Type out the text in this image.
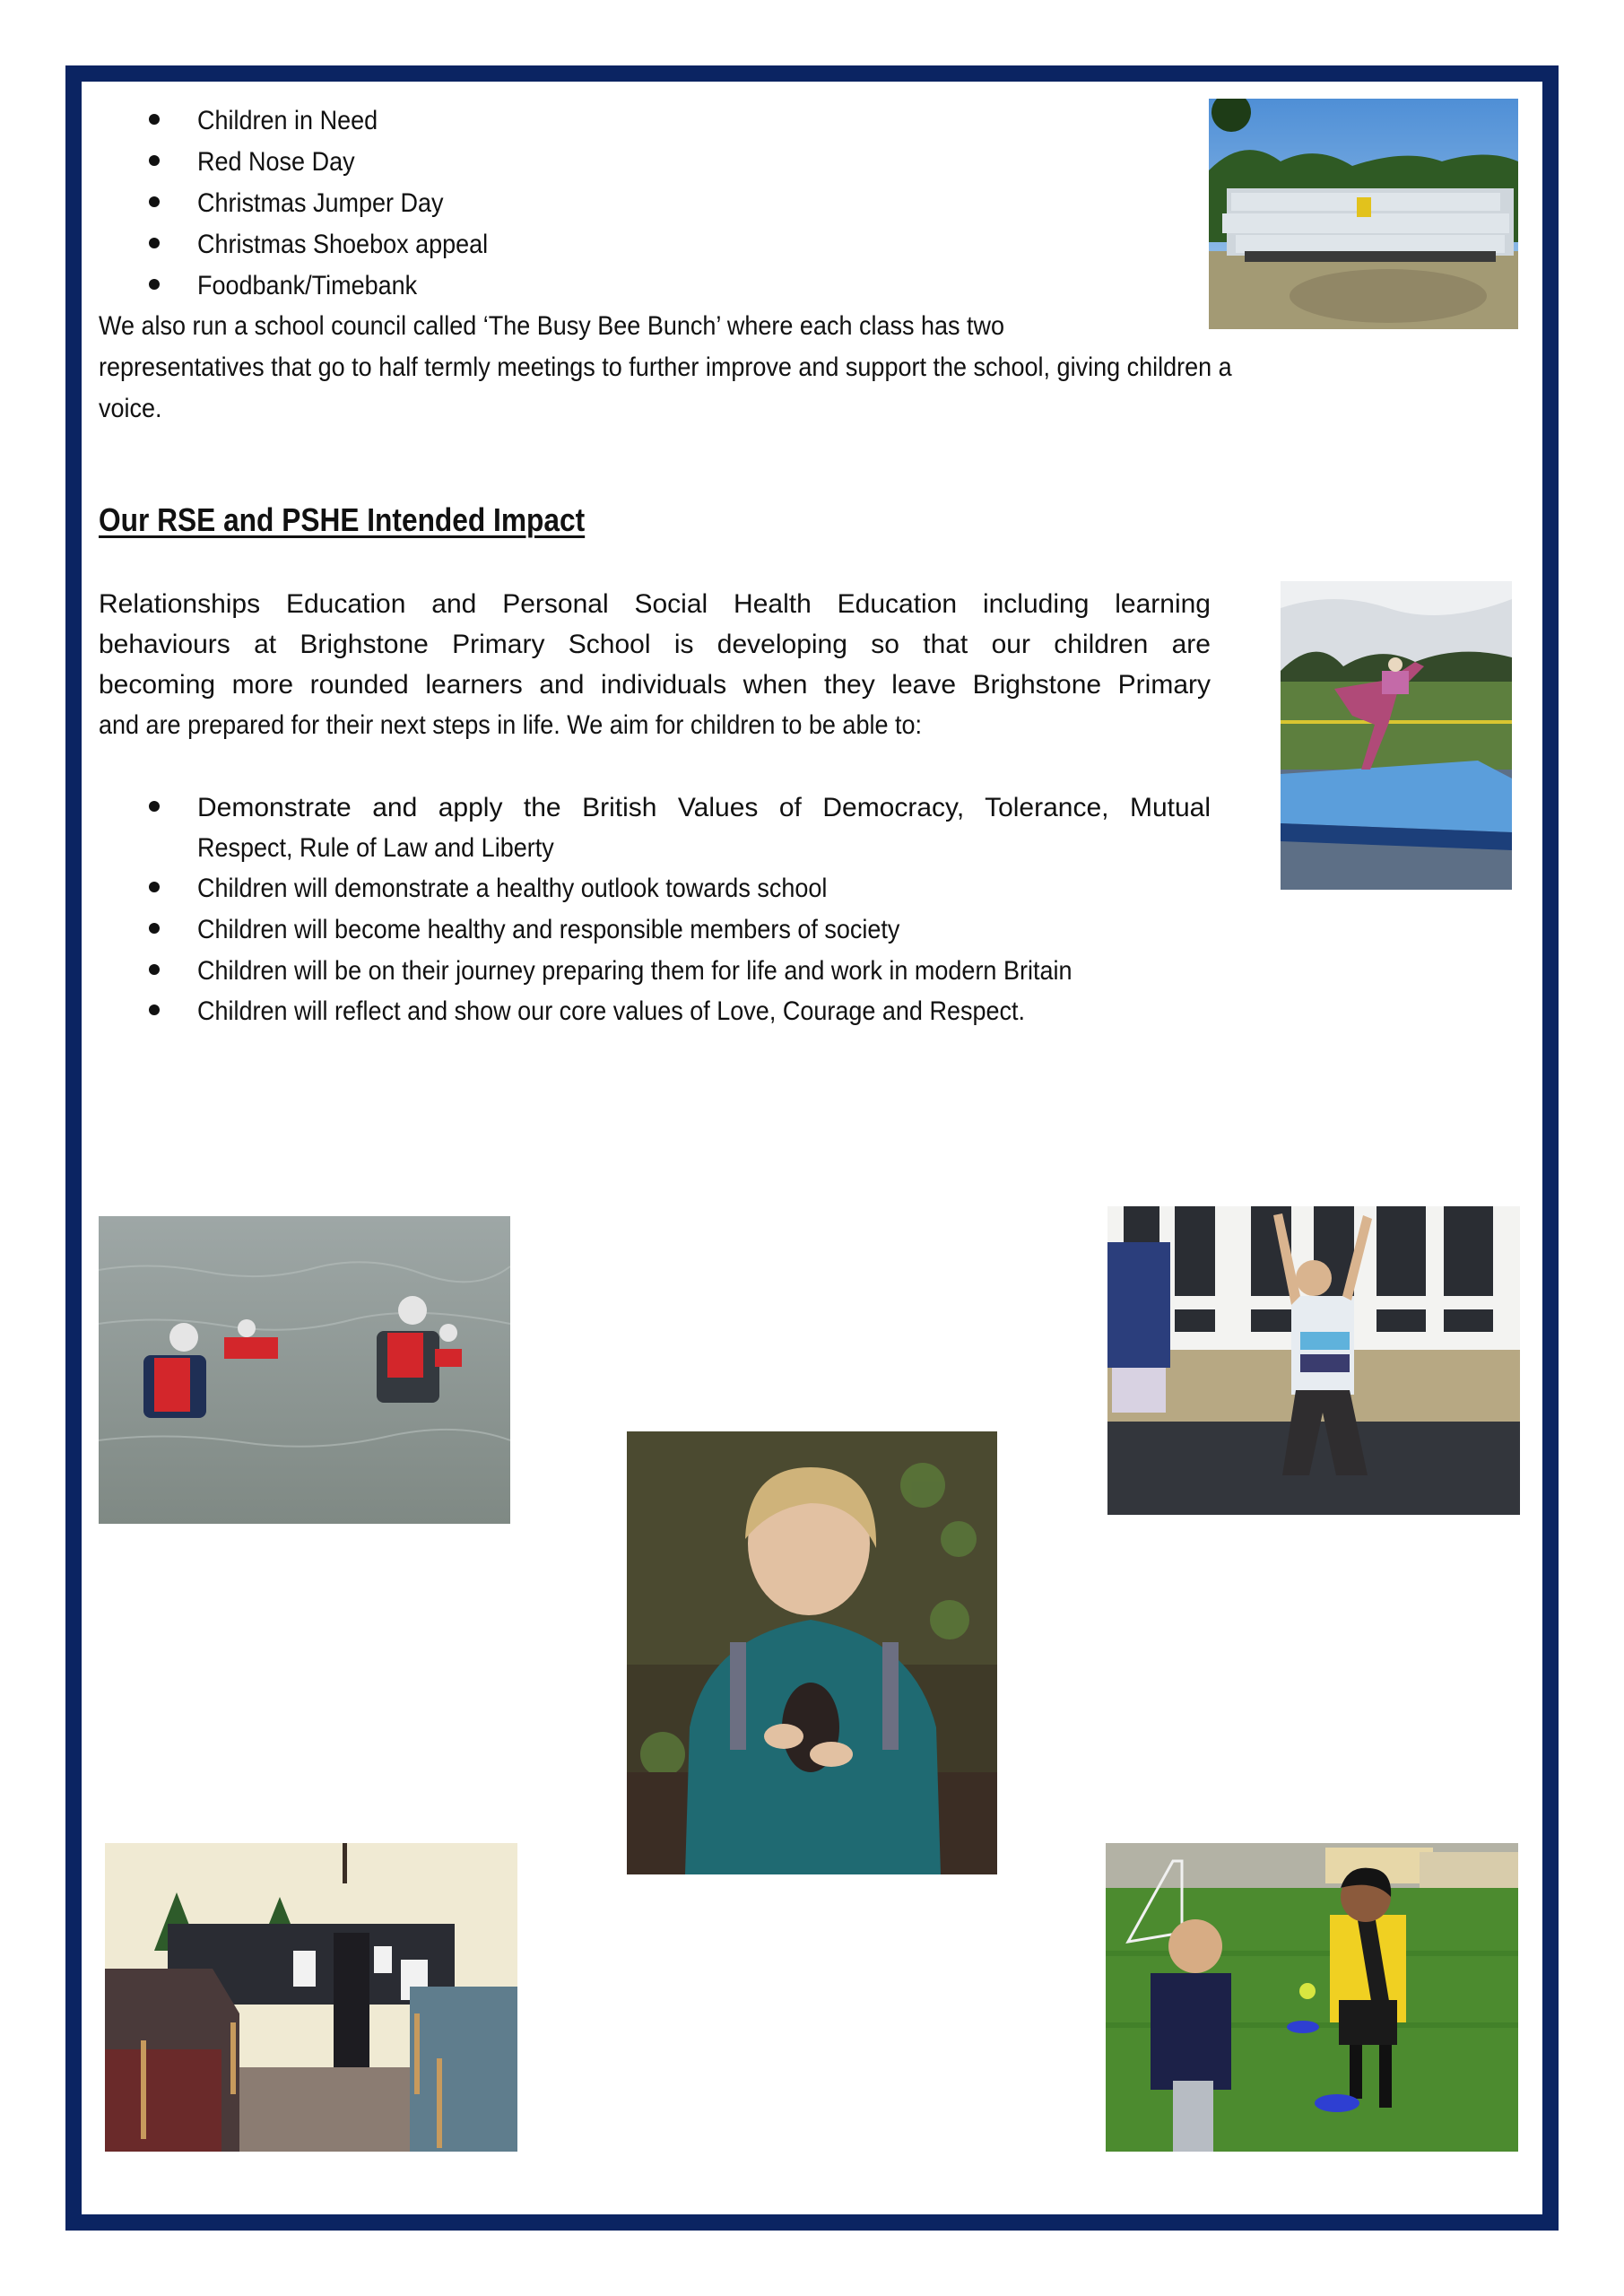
Children in Need
Red Nose Day
Christmas Jumper Day
Christmas Shoebox appeal
Foodbank/Timebank
We also run a school council called ‘The Busy Bee Bunch’ where each class has two
representatives that go to half termly meetings to further improve and support the school, giving children a
voice.
Our RSE and PSHE Intended Impact
Relationships Education and Personal Social Health Education including learning
behaviours at Brighstone Primary School is developing so that our children are
becoming more rounded learners and individuals when they leave Brighstone Primary
and are prepared for their next steps in life. We aim for children to be able to:
Demonstrate and apply the British Values of Democracy, Tolerance, Mutual
Respect, Rule of Law and Liberty
Children will demonstrate a healthy outlook towards school
Children will become healthy and responsible members of society
Children will be on their journey preparing them for life and work in modern Britain
Children will reflect and show our core values of Love, Courage and Respect.
